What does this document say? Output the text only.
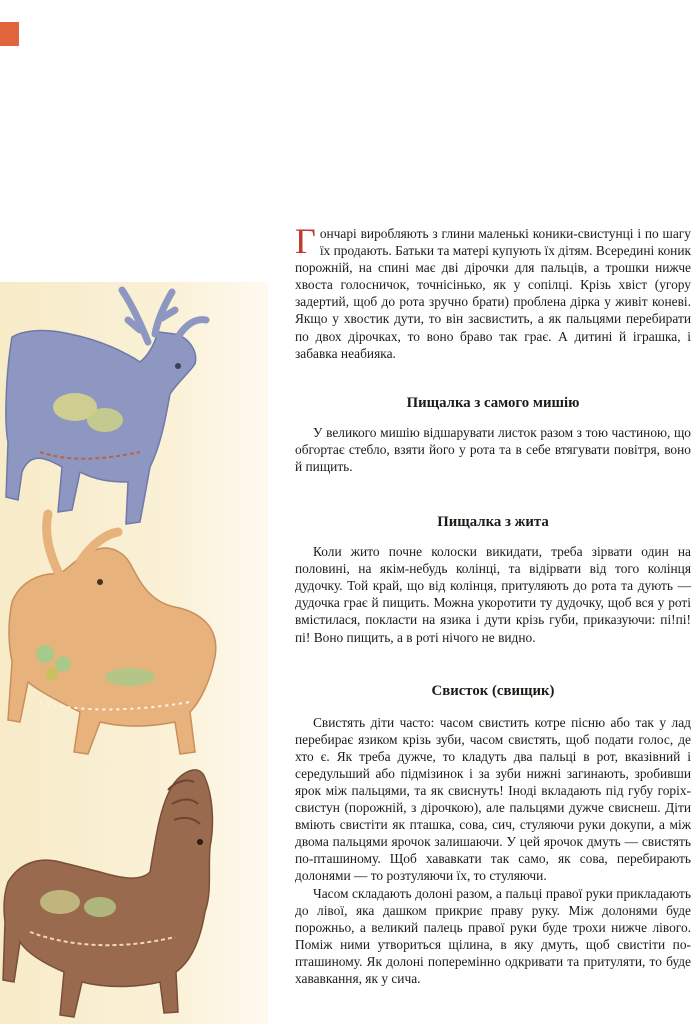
Гончарі виробляють з глини маленькі коники-свистунці і по шагу їх продають. Батьки та матері купують їх дітям. Всередині коник порожній, на спині має дві дірочки для пальців, а трошки нижче хвоста голосничок, точнісінько, як у сопілці. Крізь хвіст (угору задертий, щоб до рота зручно брати) проблена дірка у живіт коневі. Якщо у хвостик дути, то він засвистить, а як пальцями перебирати по двох дірочках, то воно браво так грає. А дитині й іграшка, і забавка неабияка.

Пищалка з самого мишію

У великого мишію відшарувати листок разом з тою частиною, що обгортає стебло, взяти його у рота та в себе втягувати повітря, воно й пищить.

Пищалка з жита

Коли жито почне колоски викидати, треба зірвати один на половині, на якім-небудь колінці, та відірвати від того колінця дудочку. Той край, що від колінця, притуляють до рота та дують — дудочка грає й пищить. Можна укоротити ту дудочку, щоб вся у роті вмістилася, покласти на язика і дути крізь губи, приказуючи: пі!пі!пі! Воно пищить, а в роті нічого не видно.

Свисток (свищик)

Свистять діти часто: часом свистить котре пісню або так у лад перебирає язиком крізь зуби, часом свистять, щоб подати голос, де хто є. Як треба дужче, то кладуть два пальці в рот, вказівний і середульший або підмізинок і за зуби нижні загинають, зробивши ярок між пальцями, та як свиснуть! Іноді вкладають під губу горіх-свистун (порожній, з дірочкою), але пальцями дужче свиснеш. Діти вміють свистіти як пташка, сова, сич, стуляючи руки докупи, а між двома пальцями ярочок залишаючи. У цей ярочок дмуть — свистять по-пташиному. Щоб хававкати так само, як сова, перебирають долонями — то розтуляючи їх, то стуляючи.

Часом складають долоні разом, а пальці правої руки прикладають до лівої, яка дашком прикриє праву руку. Між долонями буде порожньо, а великий палець правої руки буде трохи нижче лівого. Поміж ними утвориться щілина, в яку дмуть, щоб свистіти по-пташиному. Як долоні поперемінно одкривати та притуляти, то буде хававкання, як у сича.
